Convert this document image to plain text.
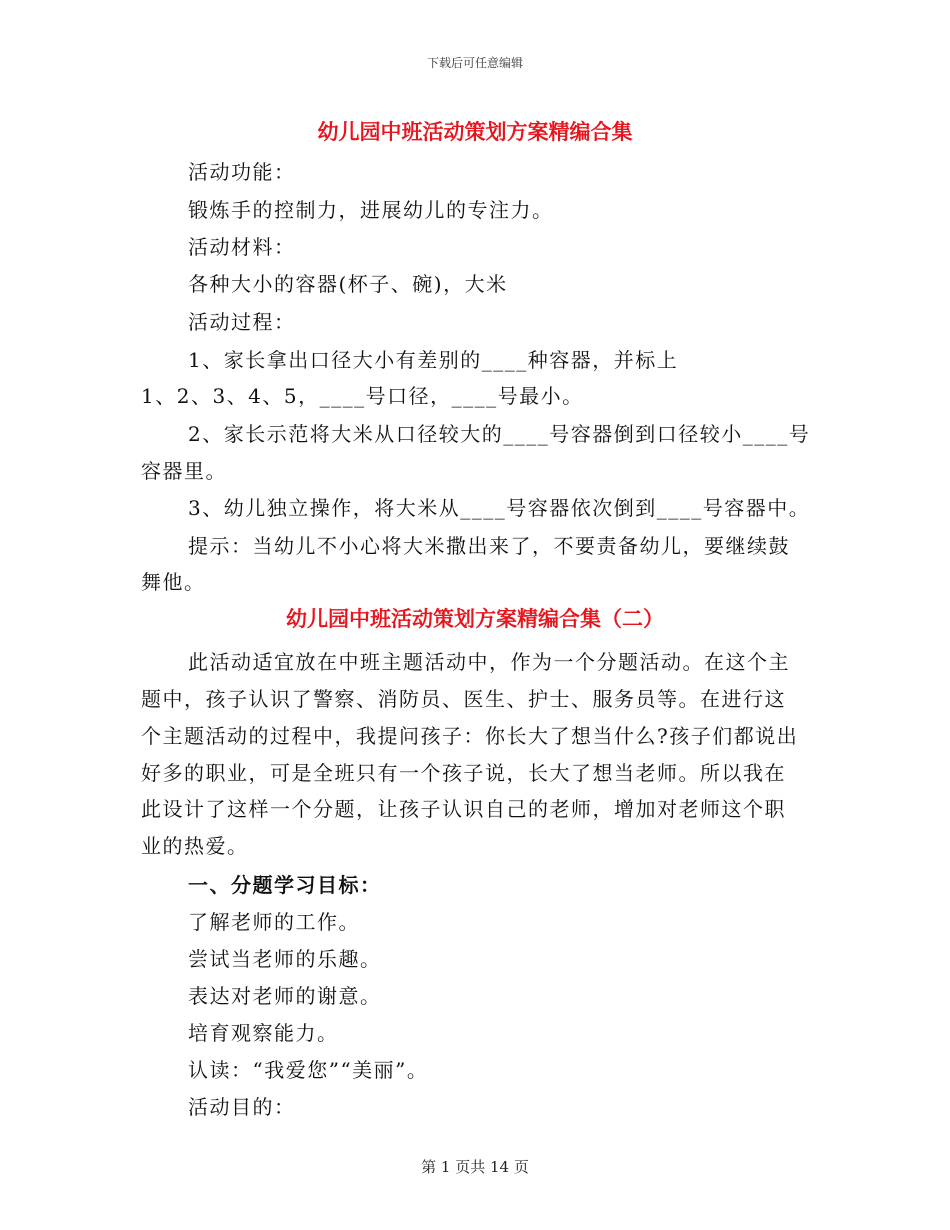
下载后可任意编辑
幼儿园中班活动策划方案精编合集
活动功能：
锻炼手的控制力，进展幼儿的专注力。
活动材料：
各种大小的容器(杯子、碗)，大米
活动过程：
1、家长拿出口径大小有差别的____种容器，并标上
1、2、3、4、5，____号口径，____号最小。
2、家长示范将大米从口径较大的____号容器倒到口径较小____号
容器里。
3、幼儿独立操作，将大米从____号容器依次倒到____号容器中。
提示：当幼儿不小心将大米撒出来了，不要责备幼儿，要继续鼓
舞他。
幼儿园中班活动策划方案精编合集（二）
此活动适宜放在中班主题活动中，作为一个分题活动。在这个主
题中，孩子认识了警察、消防员、医生、护士、服务员等。在进行这
个主题活动的过程中，我提问孩子：你长大了想当什么?孩子们都说出
好多的职业，可是全班只有一个孩子说，长大了想当老师。所以我在
此设计了这样一个分题，让孩子认识自己的老师，增加对老师这个职
业的热爱。
一、分题学习目标：
了解老师的工作。
尝试当老师的乐趣。
表达对老师的谢意。
培育观察能力。
认读：“我爱您”“美丽”。
活动目的：
第 1 页共 14 页
